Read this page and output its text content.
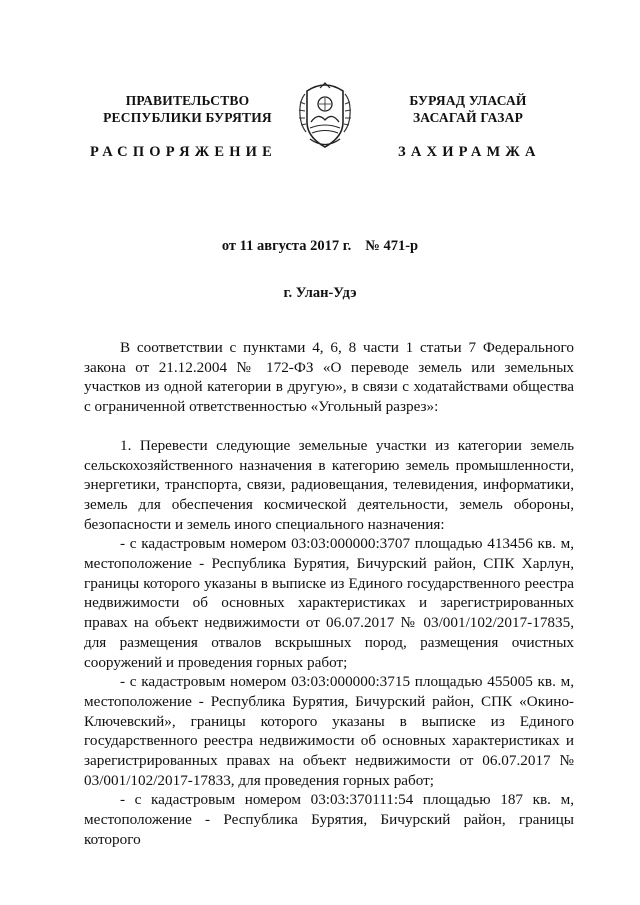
ПРАВИТЕЛЬСТВО
РЕСПУБЛИКИ БУРЯТИЯ
БУРЯАД УЛАСАЙ
ЗАСАГАЙ ГАЗАР
РАСПОРЯЖЕНИЕ	ЗАХИРАМЖА
от 11 августа 2017 г. № 471-р
г. Улан-Удэ

В соответствии с пунктами 4, 6, 8 части 1 статьи 7 Федерального закона от 21.12.2004 № 172-ФЗ «О переводе земель или земельных участков из одной категории в другую», в связи с ходатайствами общества с ограниченной ответственностью «Угольный разрез»:

1. Перевести следующие земельные участки из категории земель сельскохозяйственного назначения в категорию земель промышленности, энергетики, транспорта, связи, радиовещания, телевидения, информатики, земель для обеспечения космической деятельности, земель обороны, безопасности и земель иного специального назначения:

- с кадастровым номером 03:03:000000:3707 площадью 413456 кв. м, местоположение - Республика Бурятия, Бичурский район, СПК Харлун, границы которого указаны в выписке из Единого государственного реестра недвижимости об основных характеристиках и зарегистрированных правах на объект недвижимости от 06.07.2017 № 03/001/102/2017-17835, для размещения отвалов вскрышных пород, размещения очистных сооружений и проведения горных работ;

- с кадастровым номером 03:03:000000:3715 площадью 455005 кв. м, местоположение - Республика Бурятия, Бичурский район, СПК «Окино-Ключевский», границы которого указаны в выписке из Единого государственного реестра недвижимости об основных характеристиках и зарегистрированных правах на объект недвижимости от 06.07.2017 № 03/001/102/2017-17833, для проведения горных работ;

- с кадастровым номером 03:03:370111:54 площадью 187 кв. м, местоположение - Республика Бурятия, Бичурский район, границы которого
